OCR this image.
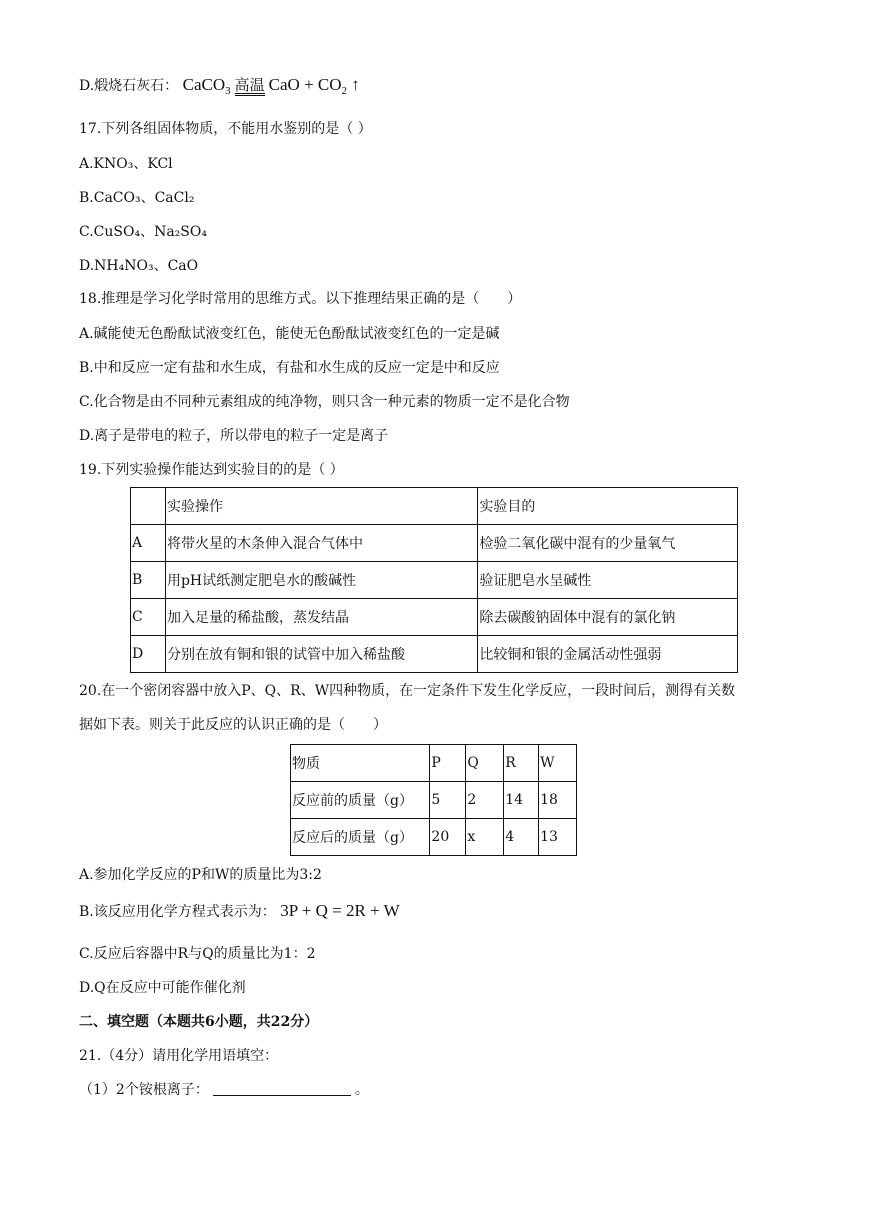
D.煅烧石灰石： CaCO$_3$ 高温 CaO + $CO_2$ ↑
17.下列各组固体物质，不能用水鉴别的是（ ）
A.KNO₃、KCl
B.CaCO₃、CaCl₂
C.CuSO₄、Na₂SO₄
D.NH₄NO₃、CaO
18.推理是学习化学时常用的思维方式。以下推理结果正确的是（　　）
A.碱能使无色酚酞试液变红色，能使无色酚酞试液变红色的一定是碱
B.中和反应一定有盐和水生成，有盐和水生成的反应一定是中和反应
C.化合物是由不同种元素组成的纯净物，则只含一种元素的物质一定不是化合物
D.离子是带电的粒子，所以带电的粒子一定是离子
19.下列实验操作能达到实验目的的是（ ）
	实验操作	实验目的
A	将带火星的木条伸入混合气体中	检验二氧化碳中混有的少量氧气
B	用pH试纸测定肥皂水的酸碱性	验证肥皂水呈碱性
C	加入足量的稀盐酸，蒸发结晶	除去碳酸钠固体中混有的氯化钠
D	分别在放有铜和银的试管中加入稀盐酸	比较铜和银的金属活动性强弱
20.在一个密闭容器中放入P、Q、R、W四种物质，在一定条件下发生化学反应，一段时间后，测得有关数
据如下表。则关于此反应的认识正确的是（　　）
物质	P	Q	R	W
反应前的质量（g）	5	2	14	18
反应后的质量（g）	20	x	4	13
A.参加化学反应的P和W的质量比为3:2
B.该反应用化学方程式表示为： 3P + Q = 2R + W
C.反应后容器中R与Q的质量比为1：2
D.Q在反应中可能作催化剂
二、填空题（本题共6小题，共22分）
21.（4分）请用化学用语填空：
（1）2个铵根离子：	。
